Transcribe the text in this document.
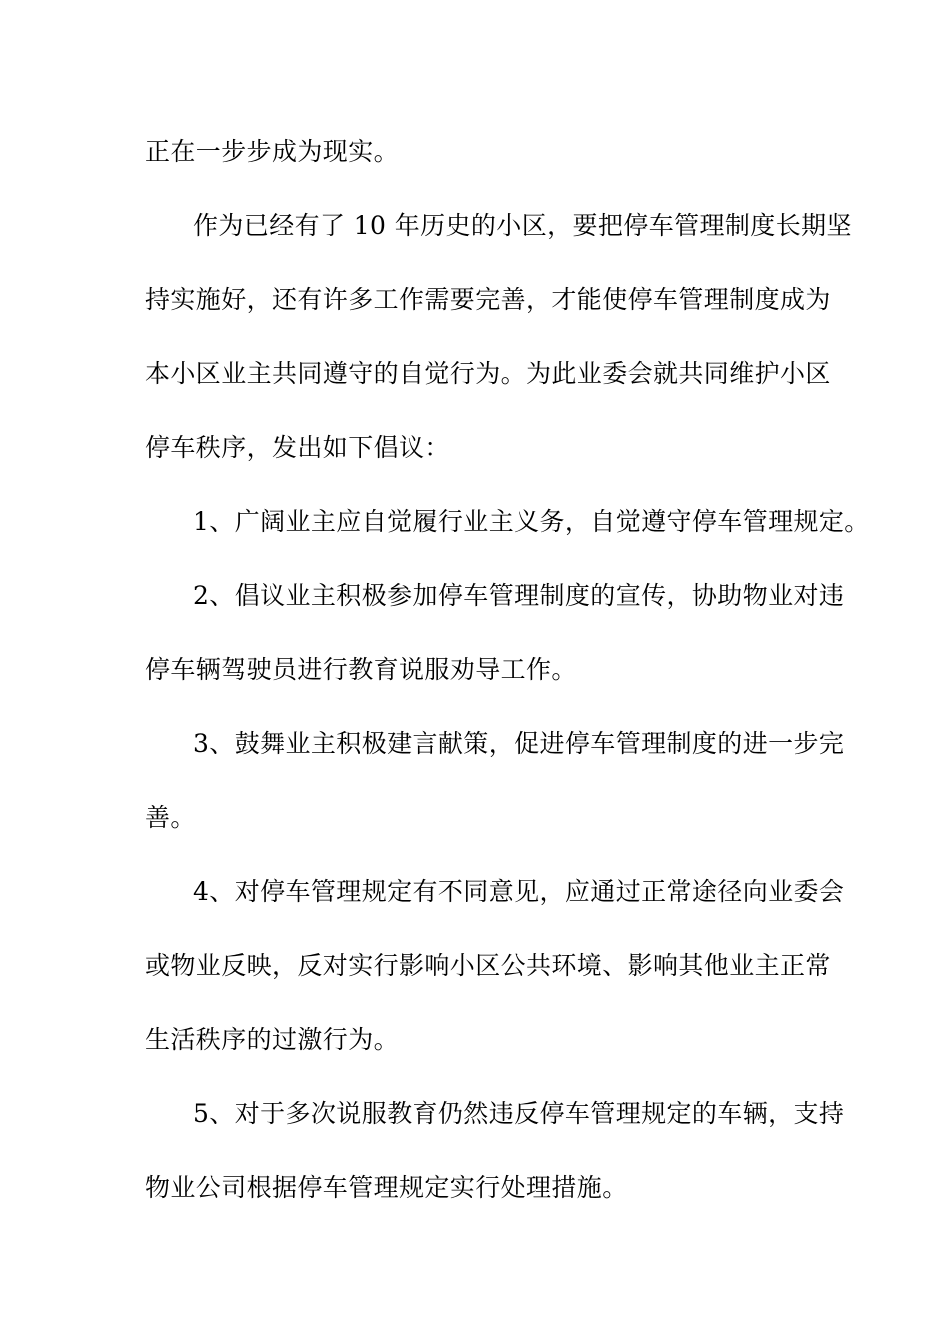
正在一步步成为现实。
作为已经有了 10 年历史的小区，要把停车管理制度长期坚
持实施好，还有许多工作需要完善，才能使停车管理制度成为
本小区业主共同遵守的自觉行为。为此业委会就共同维护小区
停车秩序，发出如下倡议：
1、广阔业主应自觉履行业主义务，自觉遵守停车管理规定。
2、倡议业主积极参加停车管理制度的宣传，协助物业对违
停车辆驾驶员进行教育说服劝导工作。
3、鼓舞业主积极建言献策，促进停车管理制度的进一步完
善。
4、对停车管理规定有不同意见，应通过正常途径向业委会
或物业反映，反对实行影响小区公共环境、影响其他业主正常
生活秩序的过激行为。
5、对于多次说服教育仍然违反停车管理规定的车辆，支持
物业公司根据停车管理规定实行处理措施。
